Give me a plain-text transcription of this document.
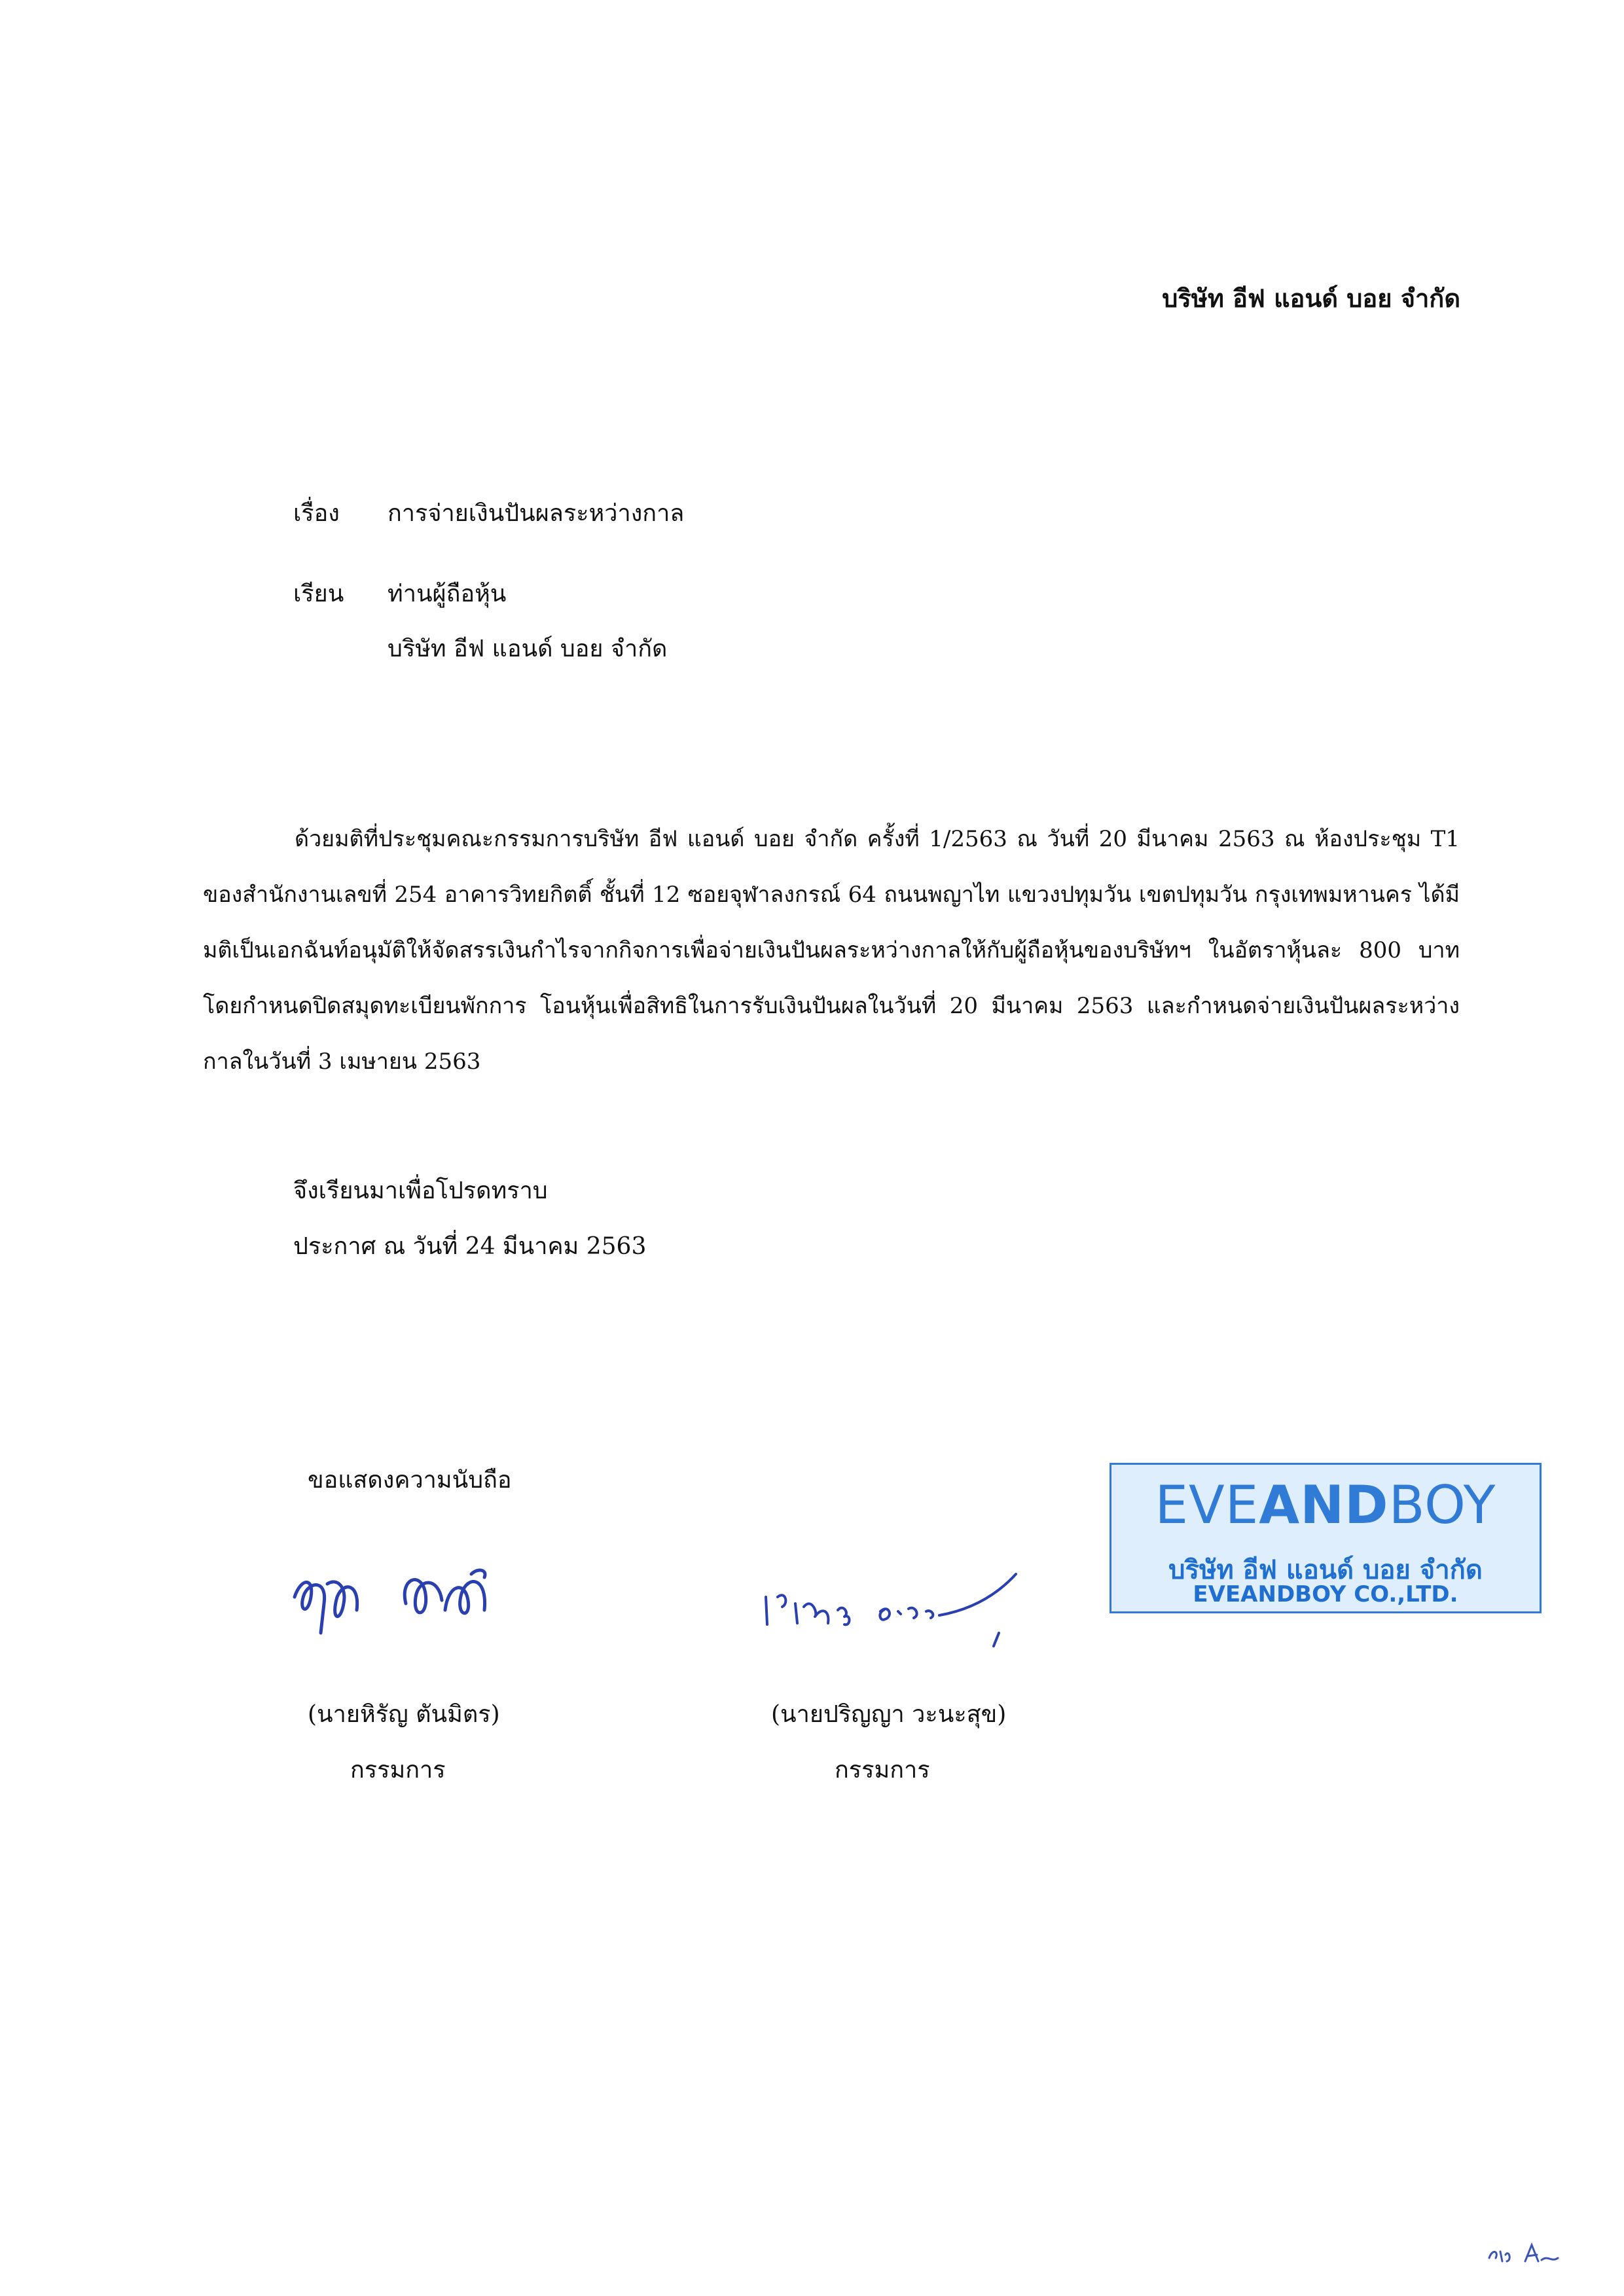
บริษัท อีฟ แอนด์ บอย จำกัด
เรื่อง การจ่ายเงินปันผลระหว่างกาล
เรียน ท่านผู้ถือหุ้น
บริษัท อีฟ แอนด์ บอย จำกัด
ด้วยมติที่ประชุมคณะกรรมการบริษัท อีฟ แอนด์ บอย จำกัด ครั้งที่ 1/2563 ณ วันที่ 20 มีนาคม 2563 ณ ห้องประชุม T1 ของสำนักงานเลขที่ 254 อาคารวิทยกิตติ์ ชั้นที่ 12 ซอยจุฬาลงกรณ์ 64 ถนนพญาไท แขวงปทุมวัน เขตปทุมวัน กรุงเทพมหานคร ได้มีมติเป็นเอกฉันท์อนุมัติให้จัดสรรเงินกำไรจากกิจการเพื่อจ่ายเงินปันผลระหว่างกาลให้กับผู้ถือหุ้นของบริษัทฯ ในอัตราหุ้นละ 800 บาท โดยกำหนดปิดสมุดทะเบียนพักการ โอนหุ้นเพื่อสิทธิในการรับเงินปันผลในวันที่ 20 มีนาคม 2563 และกำหนดจ่ายเงินปันผลระหว่างกาลในวันที่ 3 เมษายน 2563
จึงเรียนมาเพื่อโปรดทราบ
ประกาศ ณ วันที่ 24 มีนาคม 2563
ขอแสดงความนับถือ
(นายหิรัญ ตันมิตร)
กรรมการ
(นายปริญญา วะนะสุข)
กรรมการ
EVEANDBOY
บริษัท อีฟ แอนด์ บอย จำกัด
EVEANDBOY CO.,LTD.
